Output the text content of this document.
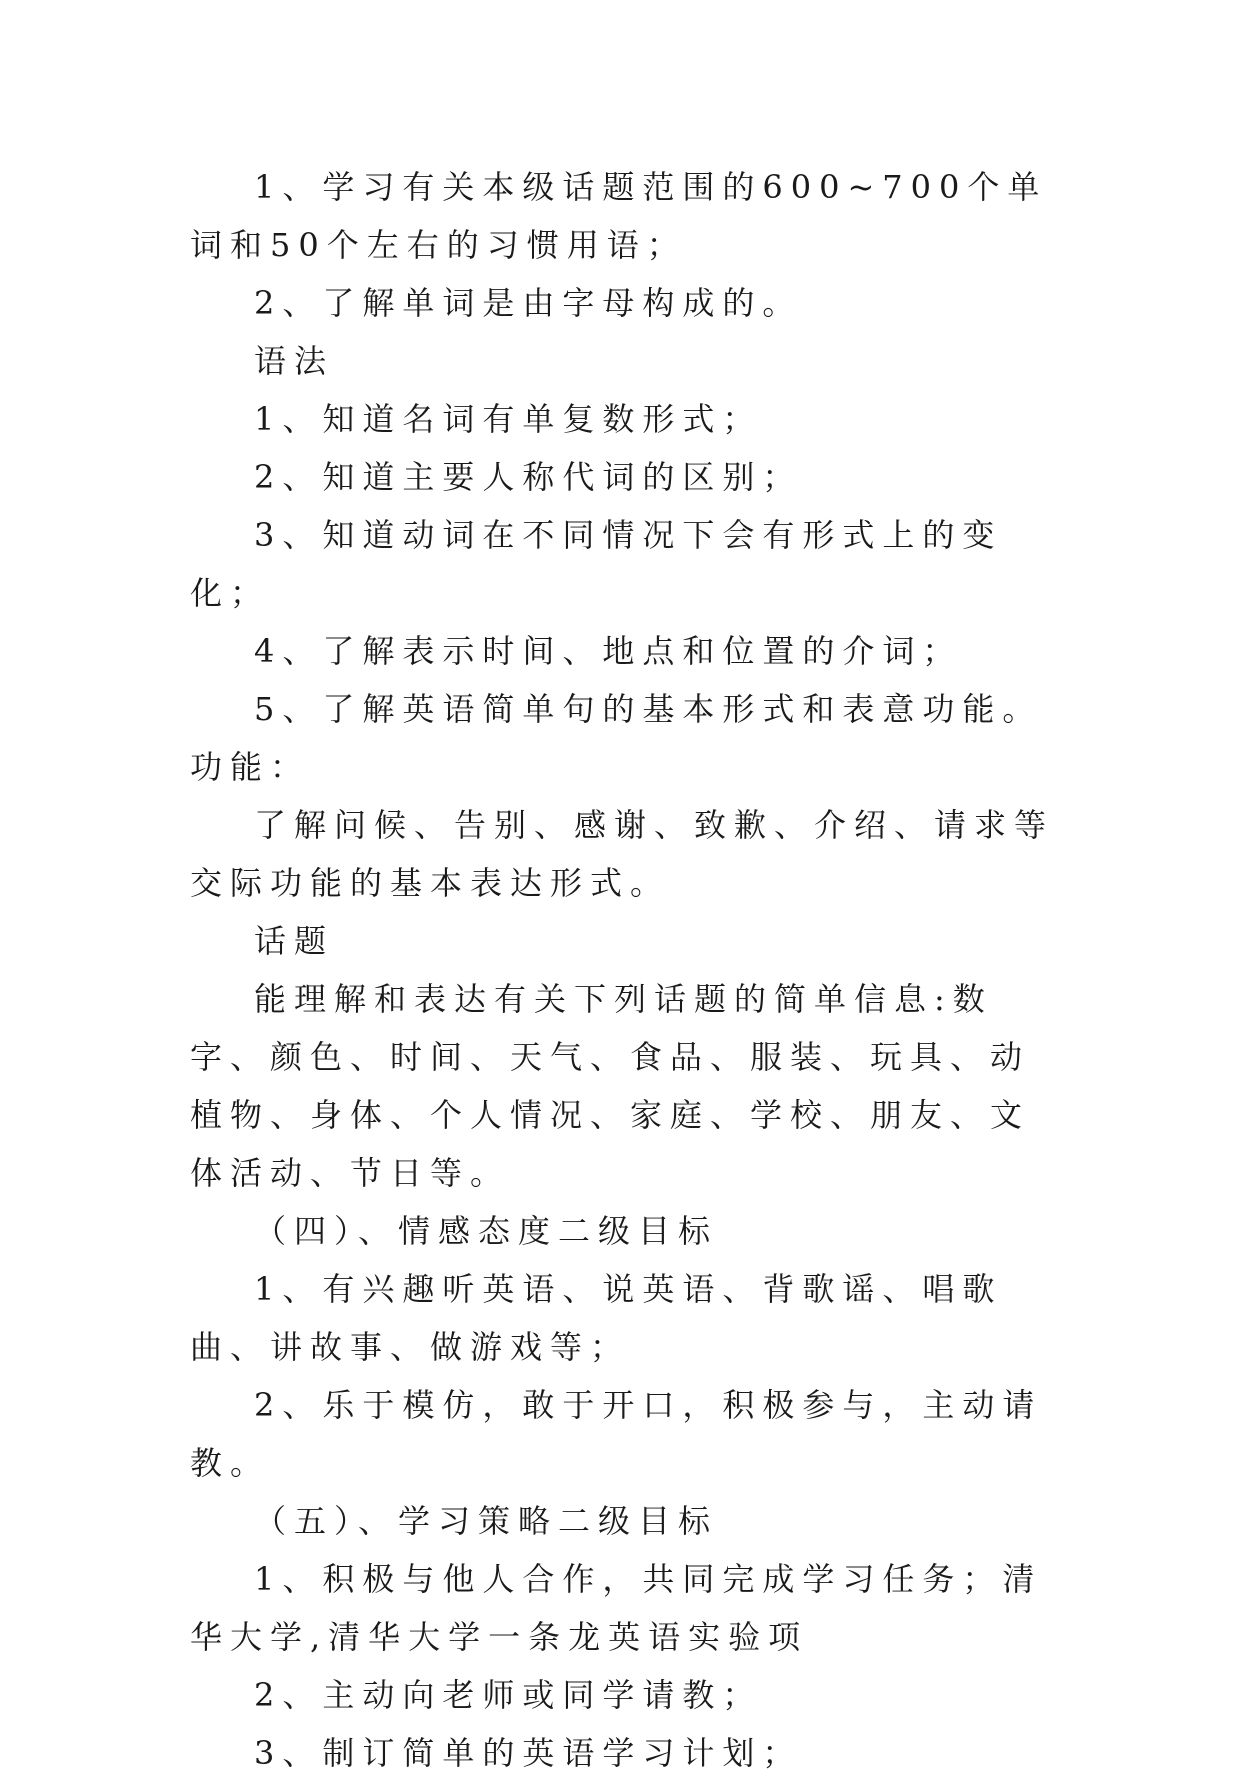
1、学习有关本级话题范围的600~700个单词和50个左右的习惯用语；

2、了解单词是由字母构成的。

语法

1、知道名词有单复数形式；

2、知道主要人称代词的区别；

3、知道动词在不同情况下会有形式上的变化；

4、了解表示时间、地点和位置的介词；

5、了解英语简单句的基本形式和表意功能。功能：

了解问候、告别、感谢、致歉、介绍、请求等交际功能的基本表达形式。

话题

能理解和表达有关下列话题的简单信息:数字、颜色、时间、天气、食品、服装、玩具、动植物、身体、个人情况、家庭、学校、朋友、文体活动、节日等。

（四）、情感态度二级目标

1、有兴趣听英语、说英语、背歌谣、唱歌曲、讲故事、做游戏等；

2、乐于模仿，敢于开口，积极参与，主动请教。

（五）、学习策略二级目标

1、积极与他人合作，共同完成学习任务；清华大学,清华大学一条龙英语实验项

2、主动向老师或同学请教；

3、制订简单的英语学习计划；
